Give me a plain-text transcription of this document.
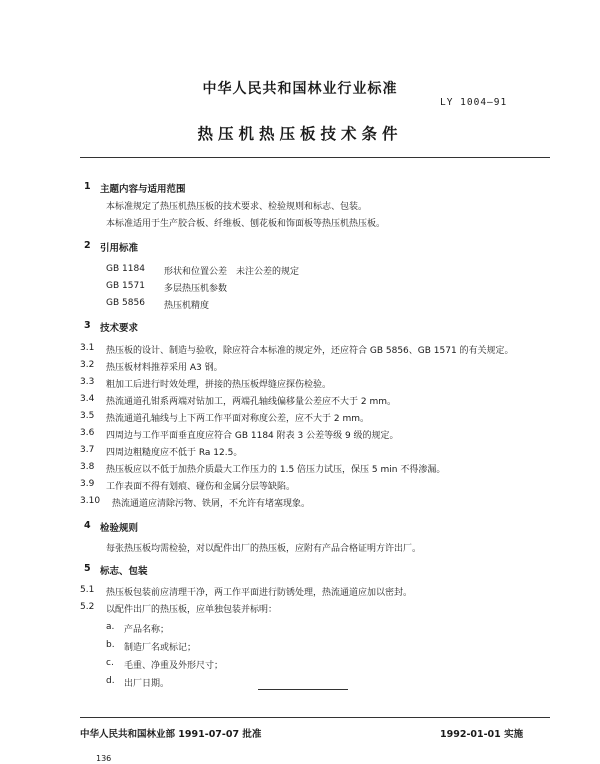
中华人民共和国林业行业标准
LY 1004—91
热压机热压板技术条件
1 主题内容与适用范围
本标准规定了热压机热压板的技术要求、检验规则和标志、包装。
本标准适用于生产胶合板、纤维板、刨花板和饰面板等热压机热压板。
2 引用标准
GB 1184 形状和位置公差　未注公差的规定
GB 1571 多层热压机参数
GB 5856 热压机精度
3 技术要求
3.1 热压板的设计、制造与验收，除应符合本标准的规定外，还应符合 GB 5856、GB 1571 的有关规定。
3.2 热压板材料推荐采用 A3 钢。
3.3 粗加工后进行时效处理，拼接的热压板焊缝应探伤检验。
3.4 热流通道孔钳系两端对钻加工，两端孔轴线偏移量公差应不大于 2 mm。
3.5 热流通道孔轴线与上下两工作平面对称度公差，应不大于 2 mm。
3.6 四周边与工作平面垂直度应符合 GB 1184 附表 3 公差等级 9 级的规定。
3.7 四周边粗糙度应不低于 Ra 12.5。
3.8 热压板应以不低于加热介质最大工作压力的 1.5 倍压力试压，保压 5 min 不得渗漏。
3.9 工作表面不得有划痕、碰伤和金属分层等缺陷。
3.10 热流通道应清除污物、铁屑，不允许有堵塞现象。
4 检验规则
每张热压板均需检验，对以配件出厂的热压板，应附有产品合格证明方许出厂。
5 标志、包装
5.1 热压板包装前应清理干净，两工作平面进行防锈处理，热流通道应加以密封。
5.2 以配件出厂的热压板，应单独包装并标明：
a. 产品名称；
b. 制造厂名或标记；
c. 毛重、净重及外形尺寸；
d. 出厂日期。
中华人民共和国林业部 1991-07-07 批准	1992-01-01 实施
136
